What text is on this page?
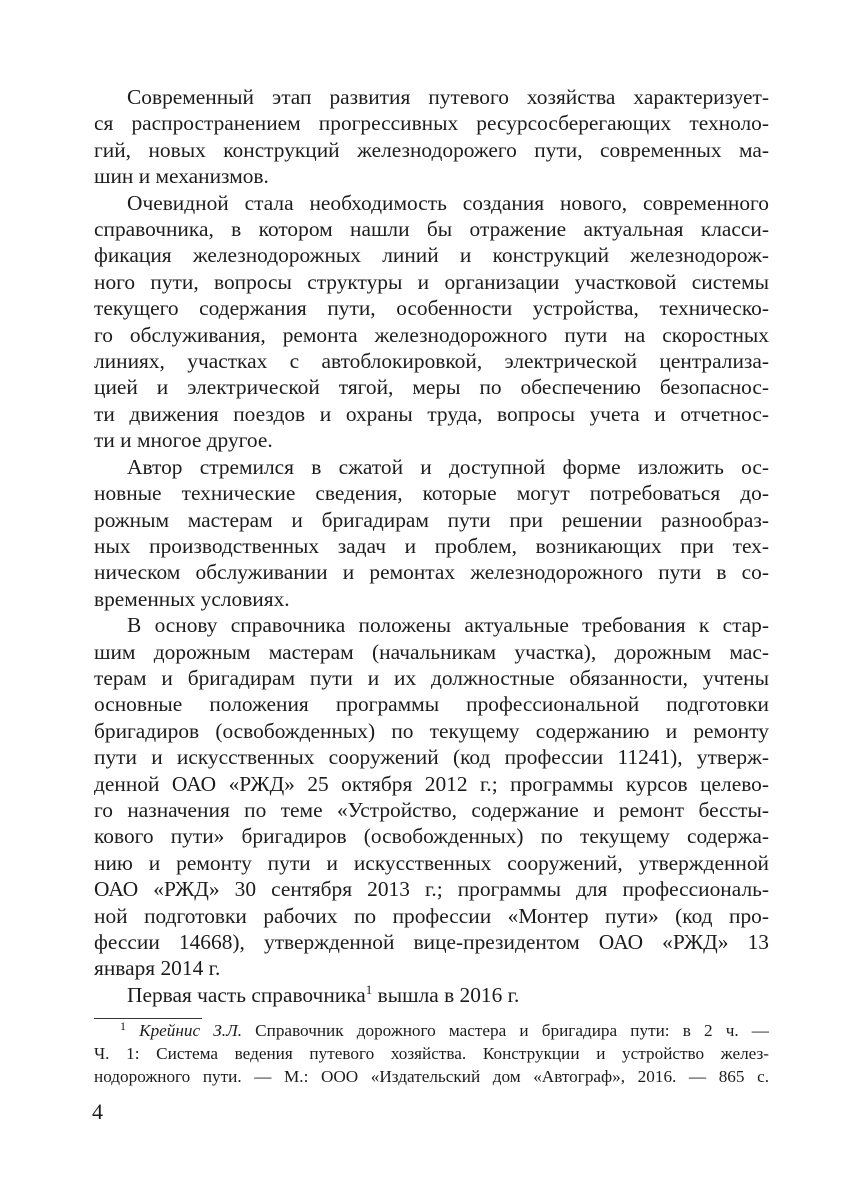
Современный этап развития путевого хозяйства характеризует-
ся распространением прогрессивных ресурсосберегающих техноло-
гий, новых конструкций железнодорожего пути, современных ма-
шин и механизмов.

Очевидной стала необходимость создания нового, современного
справочника, в котором нашли бы отражение актуальная класси-
фикация железнодорожных линий и конструкций железнодорож-
ного пути, вопросы структуры и организации участковой системы
текущего содержания пути, особенности устройства, техническо-
го обслуживания, ремонта железнодорожного пути на скоростных
линиях, участках с автоблокировкой, электрической централиза-
цией и электрической тягой, меры по обеспечению безопаснос-
ти движения поездов и охраны труда, вопросы учета и отчетнос-
ти и многое другое.

Автор стремился в сжатой и доступной форме изложить ос-
новные технические сведения, которые могут потребоваться до-
рожным мастерам и бригадирам пути при решении разнообраз-
ных производственных задач и проблем, возникающих при тех-
ническом обслуживании и ремонтах железнодорожного пути в со-
временных условиях.

В основу справочника положены актуальные требования к стар-
шим дорожным мастерам (начальникам участка), дорожным мас-
терам и бригадирам пути и их должностные обязанности, учтены
основные положения программы профессиональной подготовки
бригадиров (освобожденных) по текущему содержанию и ремонту
пути и искусственных сооружений (код профессии 11241), утверж-
денной ОАО «РЖД» 25 октября 2012 г.; программы курсов целево-
го назначения по теме «Устройство, содержание и ремонт бессты-
кового пути» бригадиров (освобожденных) по текущему содержа-
нию и ремонту пути и искусственных сооружений, утвержденной
ОАО «РЖД» 30 сентября 2013 г.; программы для профессиональ-
ной подготовки рабочих по профессии «Монтер пути» (код про-
фессии 14668), утвержденной вице-президентом ОАО «РЖД» 13
января 2014 г.

Первая часть справочника$^1$ вышла в 2016 г.

$^1$ Крейнис З.Л. Справочник дорожного мастера и бригадира пути: в 2 ч. —
Ч. 1: Система ведения путевого хозяйства. Конструкции и устройство желез-
нодорожного пути. — М.: ООО «Издательский дом «Автограф», 2016. — 865 с.
4
